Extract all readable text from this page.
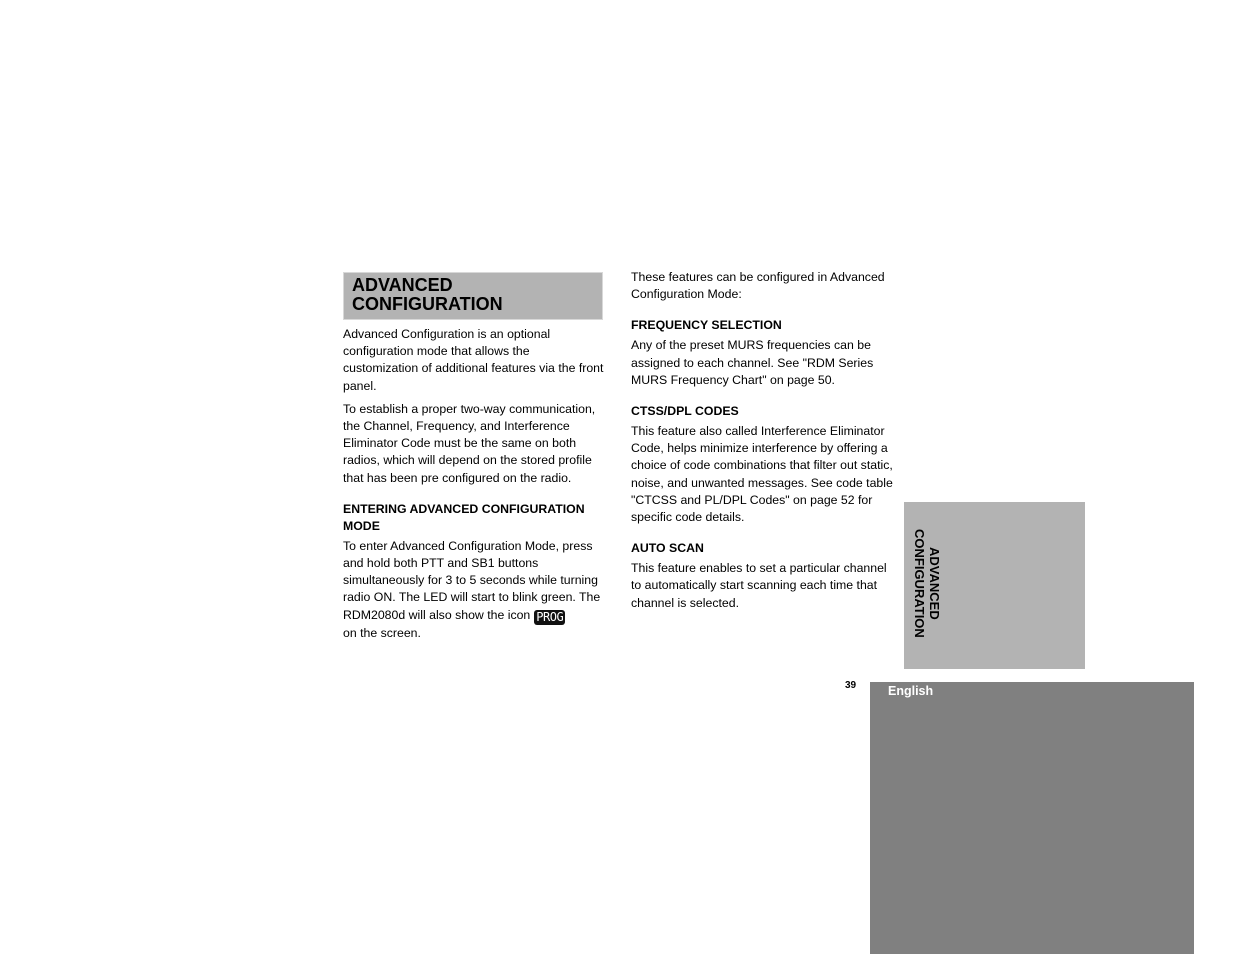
ADVANCED
CONFIGURATION

Advanced Configuration is an optional configuration mode that allows the customization of additional features via the front panel.

To establish a proper two-way communication, the Channel, Frequency, and Interference Eliminator Code must be the same on both radios, which will depend on the stored profile that has been pre configured on the radio.

ENTERING ADVANCED CONFIGURATION MODE

To enter Advanced Configuration Mode, press and hold both PTT and SB1 buttons simultaneously for 3 to 5 seconds while turning radio ON. The LED will start to blink green. The RDM2080d will also show the icon PROG
on the screen.

These features can be configured in Advanced Configuration Mode:

FREQUENCY SELECTION

Any of the preset MURS frequencies can be assigned to each channel. See "RDM Series MURS Frequency Chart" on page 50.

CTSS/DPL CODES

This feature also called Interference Eliminator Code, helps minimize interference by offering a choice of code combinations that filter out static, noise, and unwanted messages. See code table "CTCSS and PL/DPL Codes" on page 52 for specific code details.

AUTO SCAN

This feature enables to set a particular channel to automatically start scanning each time that channel is selected.	ADVANCED
CONFIGURATION
39	English
